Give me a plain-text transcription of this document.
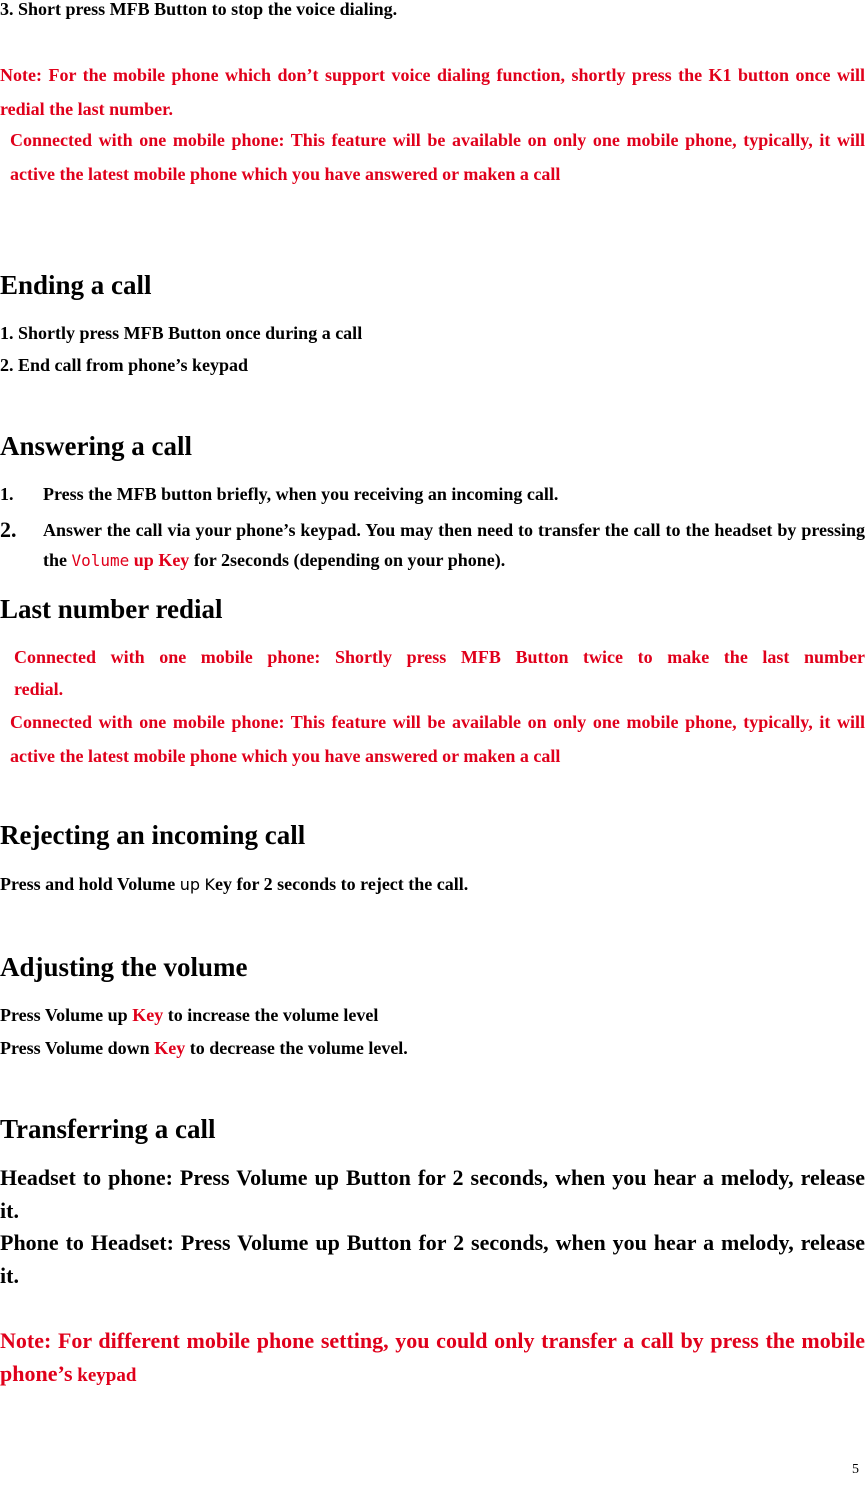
3. Short press MFB Button to stop the voice dialing.

Note: For the mobile phone which don’t support voice dialing function, shortly press the K1 button once will redial the last number.

Connected with one mobile phone: This feature will be available on only one mobile phone, typically, it will active the latest mobile phone which you have answered or maken a call

Ending a call

1. Shortly press MFB Button once during a call

2. End call from phone’s keypad

Answering a call
1. Press the MFB button briefly, when you receiving an incoming call.
2. Answer the call via your phone’s keypad. You may then need to transfer the call to the headset by pressing the Volume up Key for 2seconds (depending on your phone).
Last number redial

Connected with one mobile phone: Shortly press MFB Button twice to make the last number redial.

Connected with one mobile phone: This feature will be available on only one mobile phone, typically, it will active the latest mobile phone which you have answered or maken a call

Rejecting an incoming call

Press and hold Volume up Key for 2 seconds to reject the call.

Adjusting the volume

Press Volume up Key to increase the volume level

Press Volume down Key to decrease the volume level.

Transferring a call

Headset to phone: Press Volume up Button for 2 seconds, when you hear a melody, release it.

Phone to Headset: Press Volume up Button for 2 seconds, when you hear a melody, release it.

Note: For different mobile phone setting, you could only transfer a call by press the mobile phone’s keypad

5
